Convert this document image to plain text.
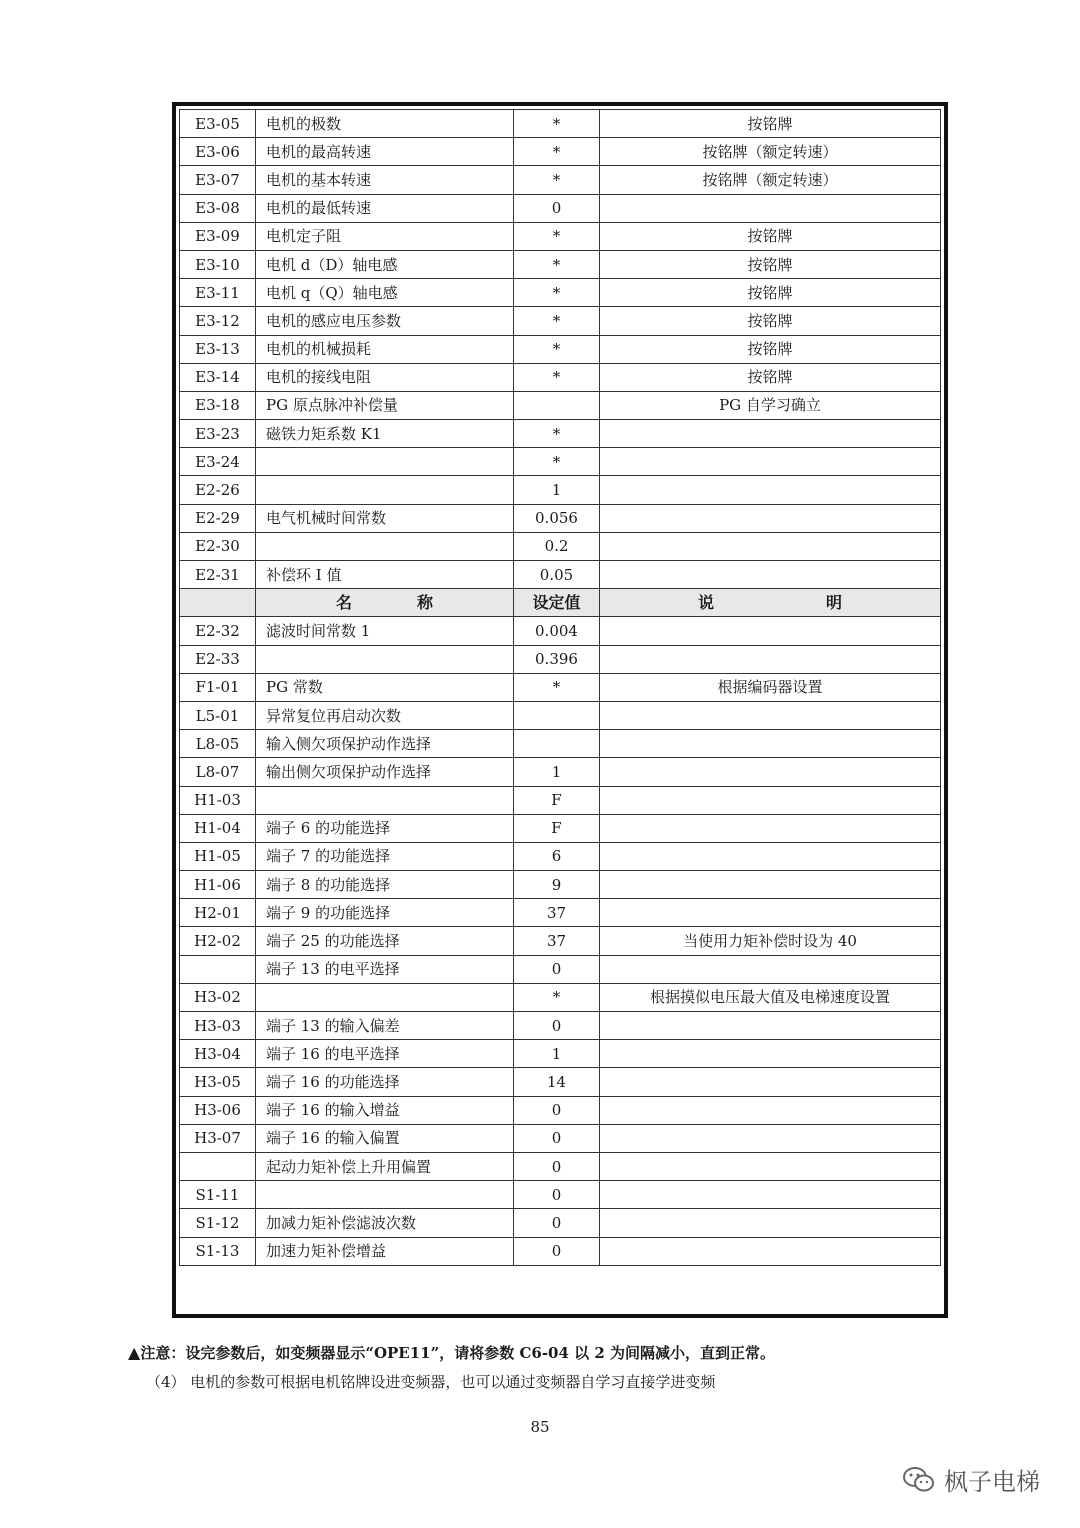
E3-05	电机的极数	*	按铭牌
E3-06	电机的最高转速	*	按铭牌（额定转速）
E3-07	电机的基本转速	*	按铭牌（额定转速）
E3-08	电机的最低转速	0	
E3-09	电机定子阻	*	按铭牌
E3-10	电机 d（D）轴电感	*	按铭牌
E3-11	电机 q（Q）轴电感	*	按铭牌
E3-12	电机的感应电压参数	*	按铭牌
E3-13	电机的机械损耗	*	按铭牌
E3-14	电机的接线电阻	*	按铭牌
E3-18	PG 原点脉冲补偿量		PG 自学习确立
E3-23	磁铁力矩系数 K1	*	
E3-24		*	
E2-26		1	
E2-29	电气机械时间常数	0.056	
E2-30		0.2	
E2-31	补偿环 I 值	0.05	

	名 称	设定值	说 明

E2-32	滤波时间常数 1	0.004	
E2-33		0.396	
F1-01	PG 常数	*	根据编码器设置
L5-01	异常复位再启动次数		
L8-05	输入侧欠项保护动作选择		
L8-07	输出侧欠项保护动作选择	1	
H1-03		F	
H1-04	端子 6 的功能选择	F	
H1-05	端子 7 的功能选择	6	
H1-06	端子 8 的功能选择	9	
H2-01	端子 9 的功能选择	37	
H2-02	端子 25 的功能选择	37	当使用力矩补偿时设为 40
	端子 13 的电平选择	0	
H3-02		*	根据摸似电压最大值及电梯速度设置
H3-03	端子 13 的输入偏差	0	
H3-04	端子 16 的电平选择	1	
H3-05	端子 16 的功能选择	14	
H3-06	端子 16 的输入增益	0	
H3-07	端子 16 的输入偏置	0	
	起动力矩补偿上升用偏置	0	
S1-11		0	
S1-12	加减力矩补偿滤波次数	0	
S1-13	加速力矩补偿增益	0	
▲注意：设完参数后，如变频器显示“OPE11”，请将参数 C6-04 以 2 为间隔减小，直到正常。
（4） 电机的参数可根据电机铭牌设进变频器，也可以通过变频器自学习直接学进变频
85
枫子电梯
